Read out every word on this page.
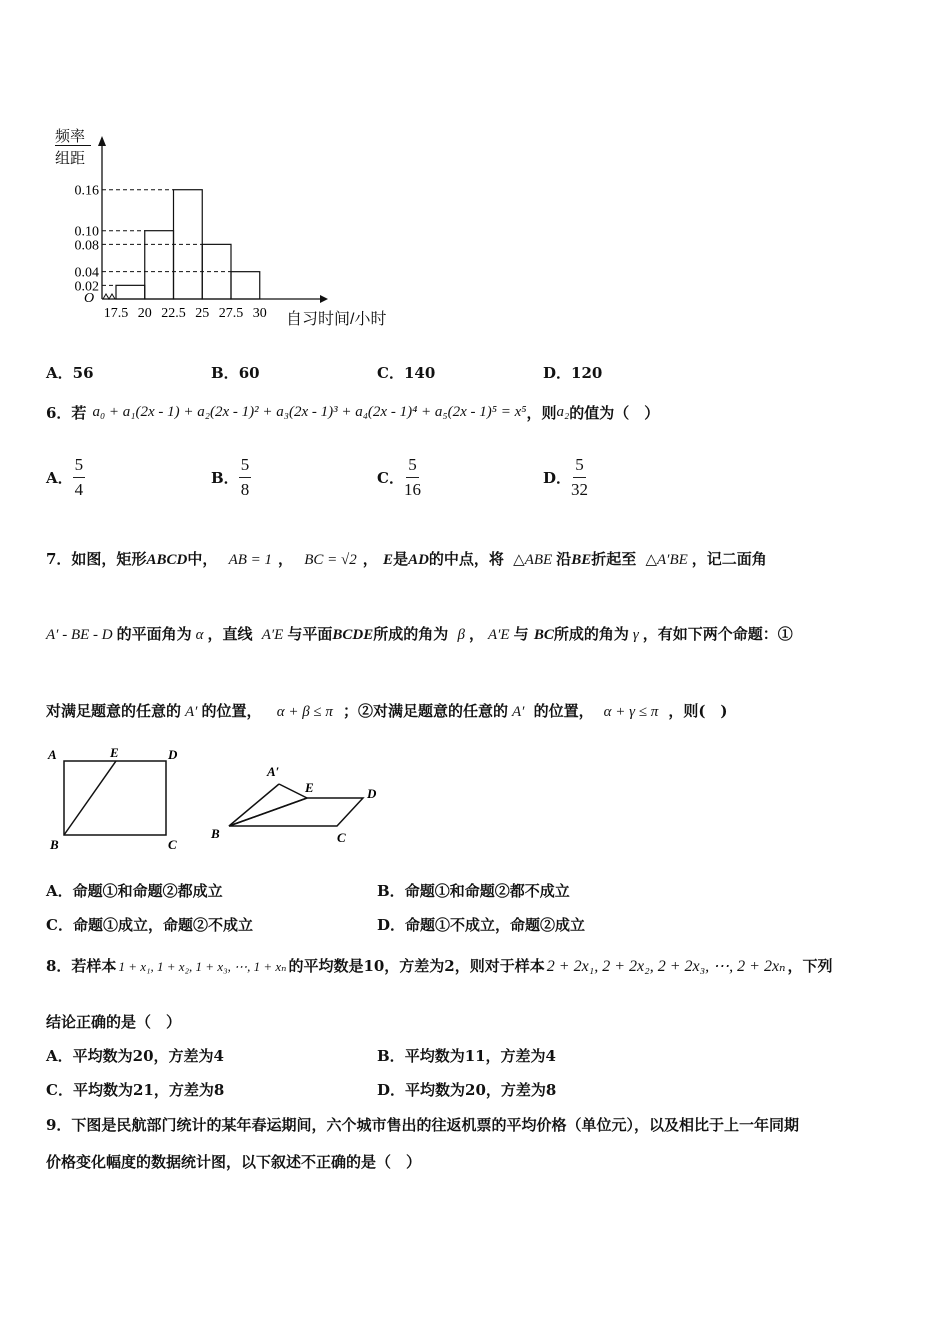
频率
组距
O
0.16
0.10
0.08
0.04
0.02
17.5 20 22.5 25 27.5 30 自习时间/小时
A．56	B．60	C．140	D．120
6．若 a₀ + a₁(2x - 1) + a₂(2x - 1)² + a₃(2x - 1)³ + a₄(2x - 1)⁴ + a₅(2x - 1)⁵ = x⁵ ，则 a₂ 的值为（　）
A． $\frac{5}{4}$	B． $\frac{5}{8}$	C． $\frac{5}{16}$	D． $\frac{5}{32}$
7．如图，矩形ABCD中， AB = 1 ， BC = √2 ， E是AD的中点，将 △ABE 沿BE折起至 △A′BE ，记二面角
A′ - BE - D 的平面角为 α ，直线 A′E 与平面BCDE所成的角为 β ， A′E 与 BC所成的角为 γ ，有如下两个命题：①
对满足题意的任意的 A′ 的位置， α + β ≤ π ；②对满足题意的任意的 A′ 的位置， α + γ ≤ π ，则(　)
A	E	D
B	C
A′
E	D
B	C
A．命题①和命题②都成立	B．命题①和命题②都不成立
C．命题①成立，命题②不成立	D．命题①不成立，命题②成立
8．若样本 1 + x₁, 1 + x₂, 1 + x₃, ⋯, 1 + xₙ 的平均数是10，方差为2，则对于样本 2 + 2x₁, 2 + 2x₂, 2 + 2x₃, ⋯, 2 + 2xₙ ，下列
结论正确的是（　）
A．平均数为20，方差为4	B．平均数为11，方差为4
C．平均数为21，方差为8	D．平均数为20，方差为8
9．下图是民航部门统计的某年春运期间，六个城市售出的往返机票的平均价格（单位元），以及相比于上一年同期
价格变化幅度的数据统计图，以下叙述不正确的是（　）
